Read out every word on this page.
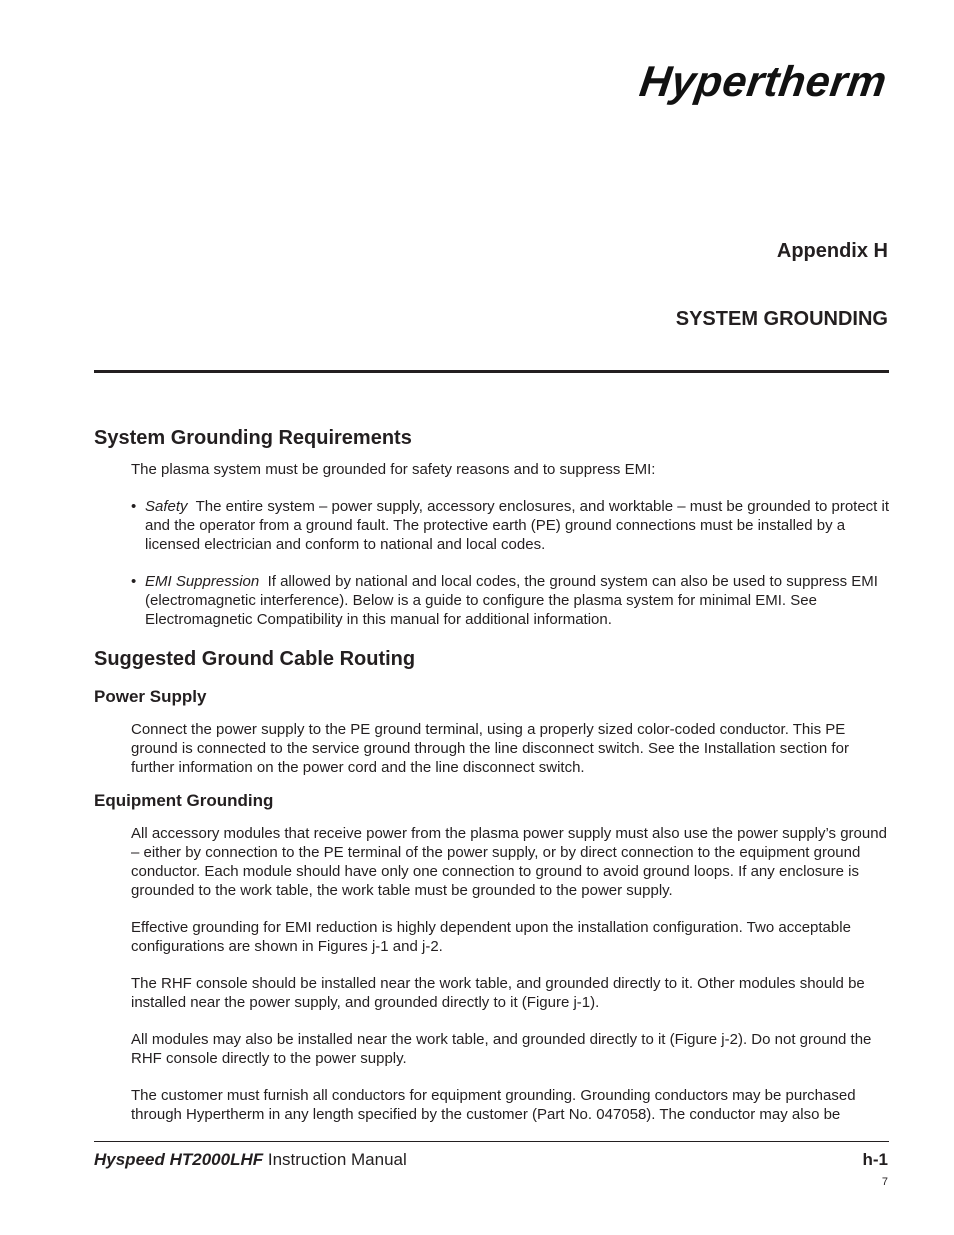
Hypertherm
Appendix H
SYSTEM GROUNDING
System Grounding Requirements
The plasma system must be grounded for safety reasons and to suppress EMI:
• Safety The entire system – power supply, accessory enclosures, and worktable – must be grounded to protect it and the operator from a ground fault. The protective earth (PE) ground connections must be installed by a licensed electrician and conform to national and local codes.
• EMI Suppression If allowed by national and local codes, the ground system can also be used to suppress EMI (electromagnetic interference). Below is a guide to configure the plasma system for minimal EMI. See Electromagnetic Compatibility in this manual for additional information.
Suggested Ground Cable Routing
Power Supply
Connect the power supply to the PE ground terminal, using a properly sized color-coded conductor. This PE ground is connected to the service ground through the line disconnect switch. See the Installation section for further information on the power cord and the line disconnect switch.
Equipment Grounding
All accessory modules that receive power from the plasma power supply must also use the power supply’s ground – either by connection to the PE terminal of the power supply, or by direct connection to the equipment ground conductor. Each module should have only one connection to ground to avoid ground loops. If any enclosure is grounded to the work table, the work table must be grounded to the power supply.
Effective grounding for EMI reduction is highly dependent upon the installation configuration. Two acceptable configurations are shown in Figures j-1 and j-2.
The RHF console should be installed near the work table, and grounded directly to it. Other modules should be installed near the power supply, and grounded directly to it (Figure j-1).
All modules may also be installed near the work table, and grounded directly to it (Figure j-2). Do not ground the RHF console directly to the power supply.
The customer must furnish all conductors for equipment grounding. Grounding conductors may be purchased through Hypertherm in any length specified by the customer (Part No. 047058). The conductor may also be
Hyspeed HT2000LHF Instruction Manual	h-1
7
